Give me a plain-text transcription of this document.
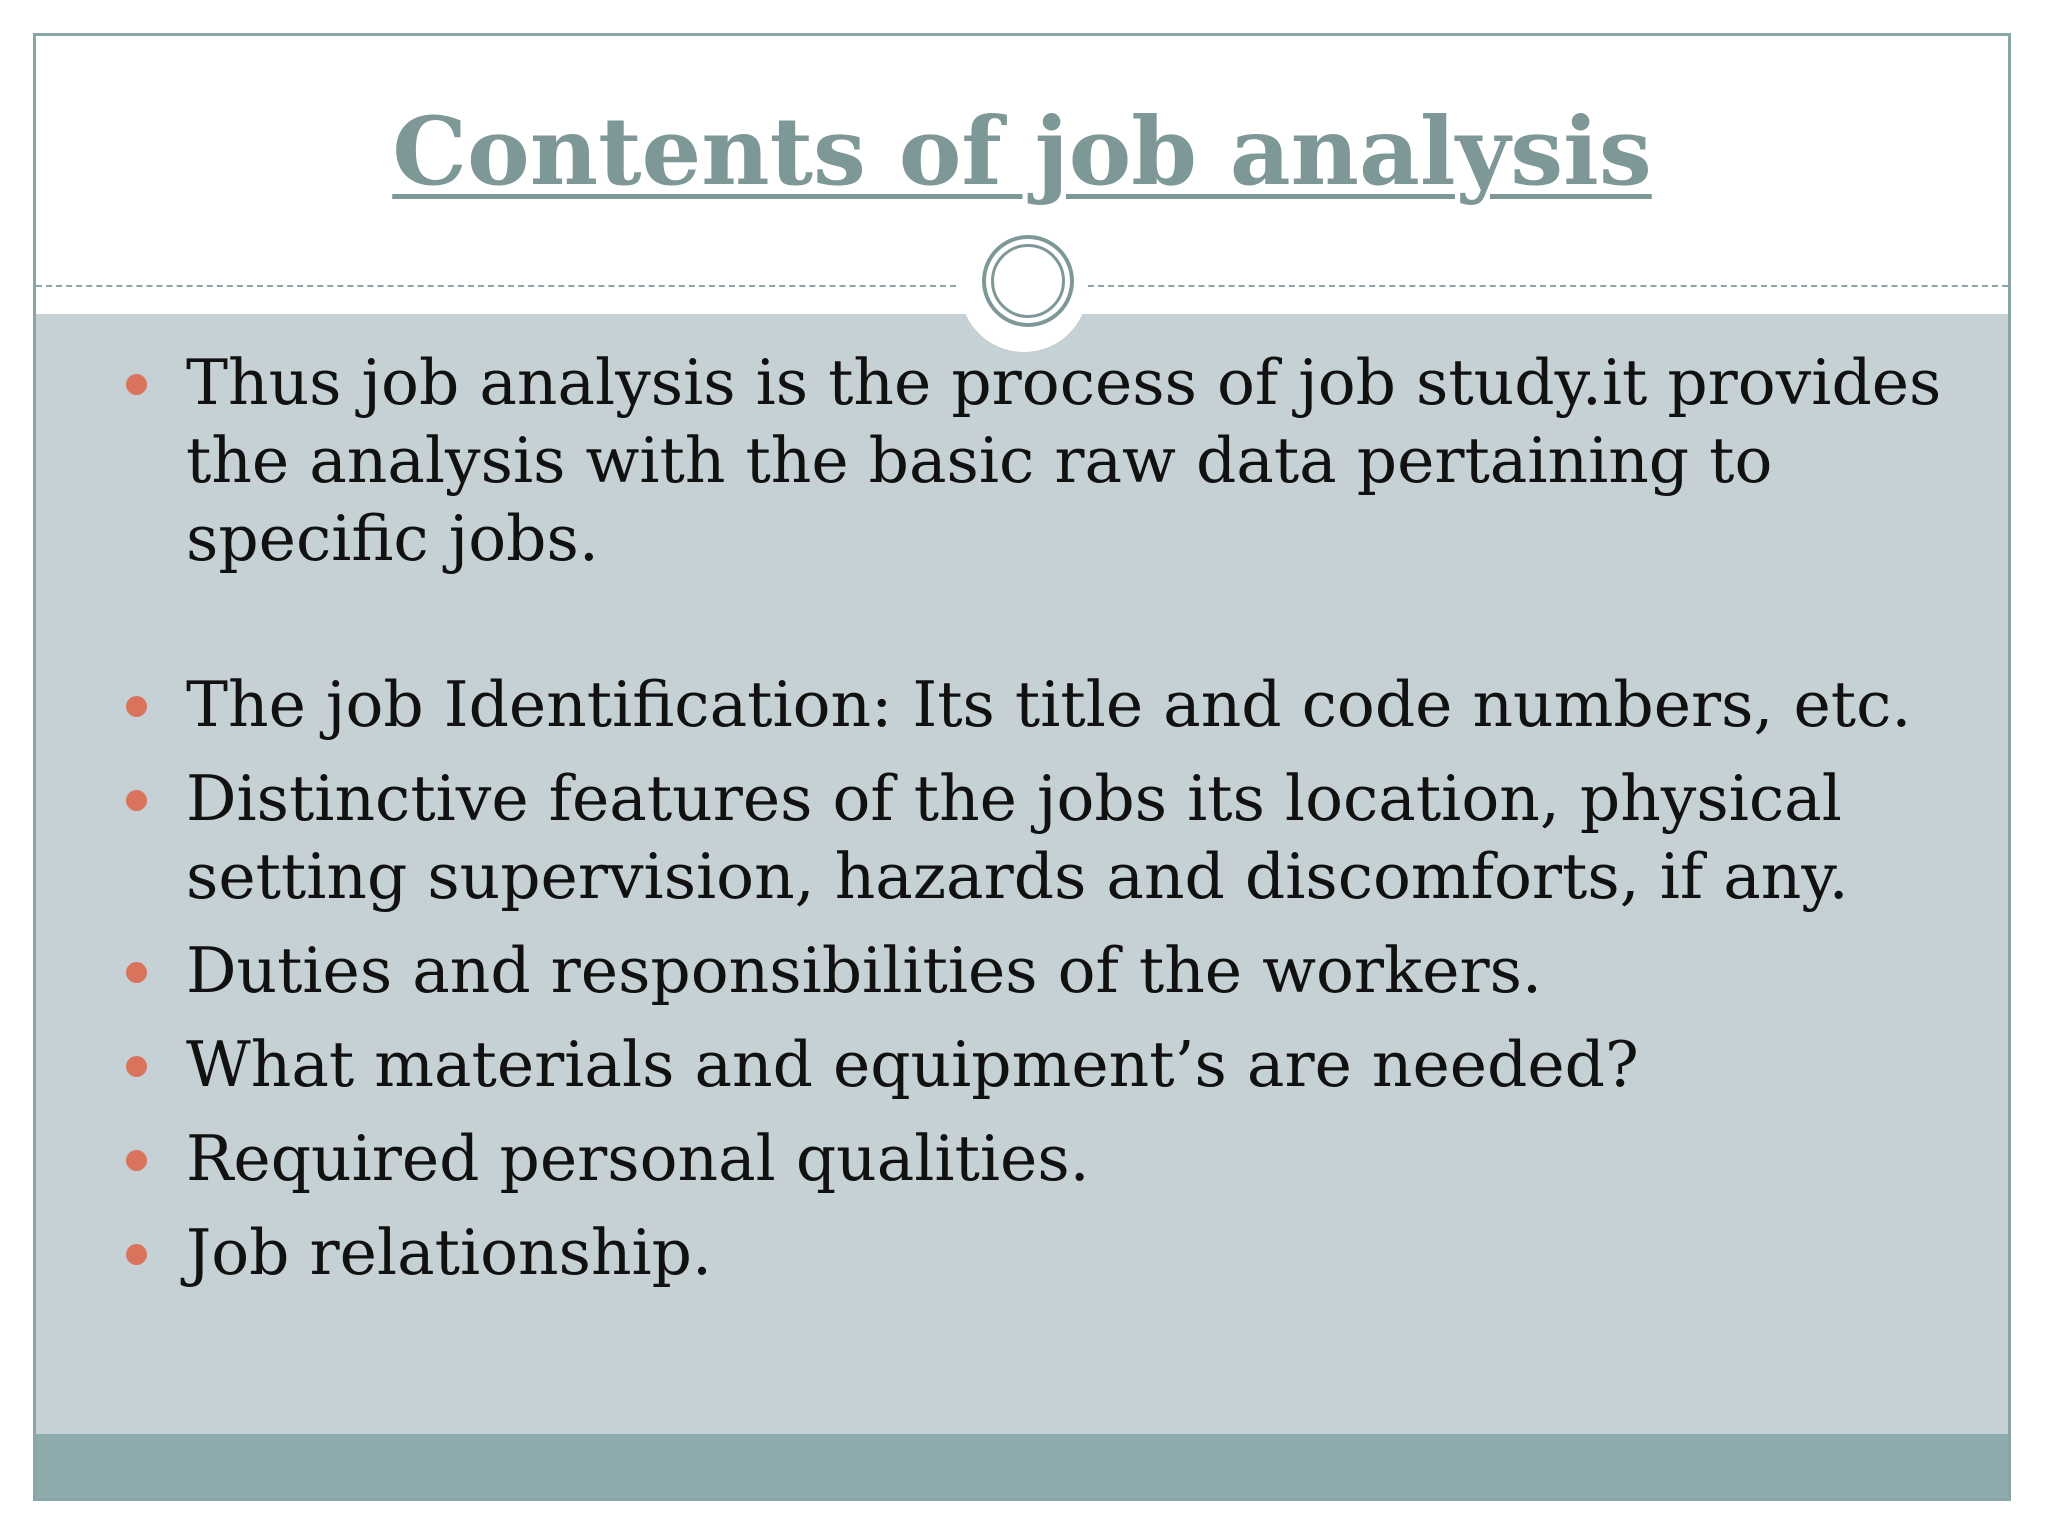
Contents of job analysis
Thus job analysis is the process of job study.it provides the analysis with the basic raw data pertaining to specific jobs.
The job Identification: Its title and code numbers, etc.
Distinctive features of the jobs its location, physical setting supervision, hazards and discomforts, if any.
Duties and responsibilities of the workers.
What materials and equipment’s are needed?
Required personal qualities.
Job relationship.
